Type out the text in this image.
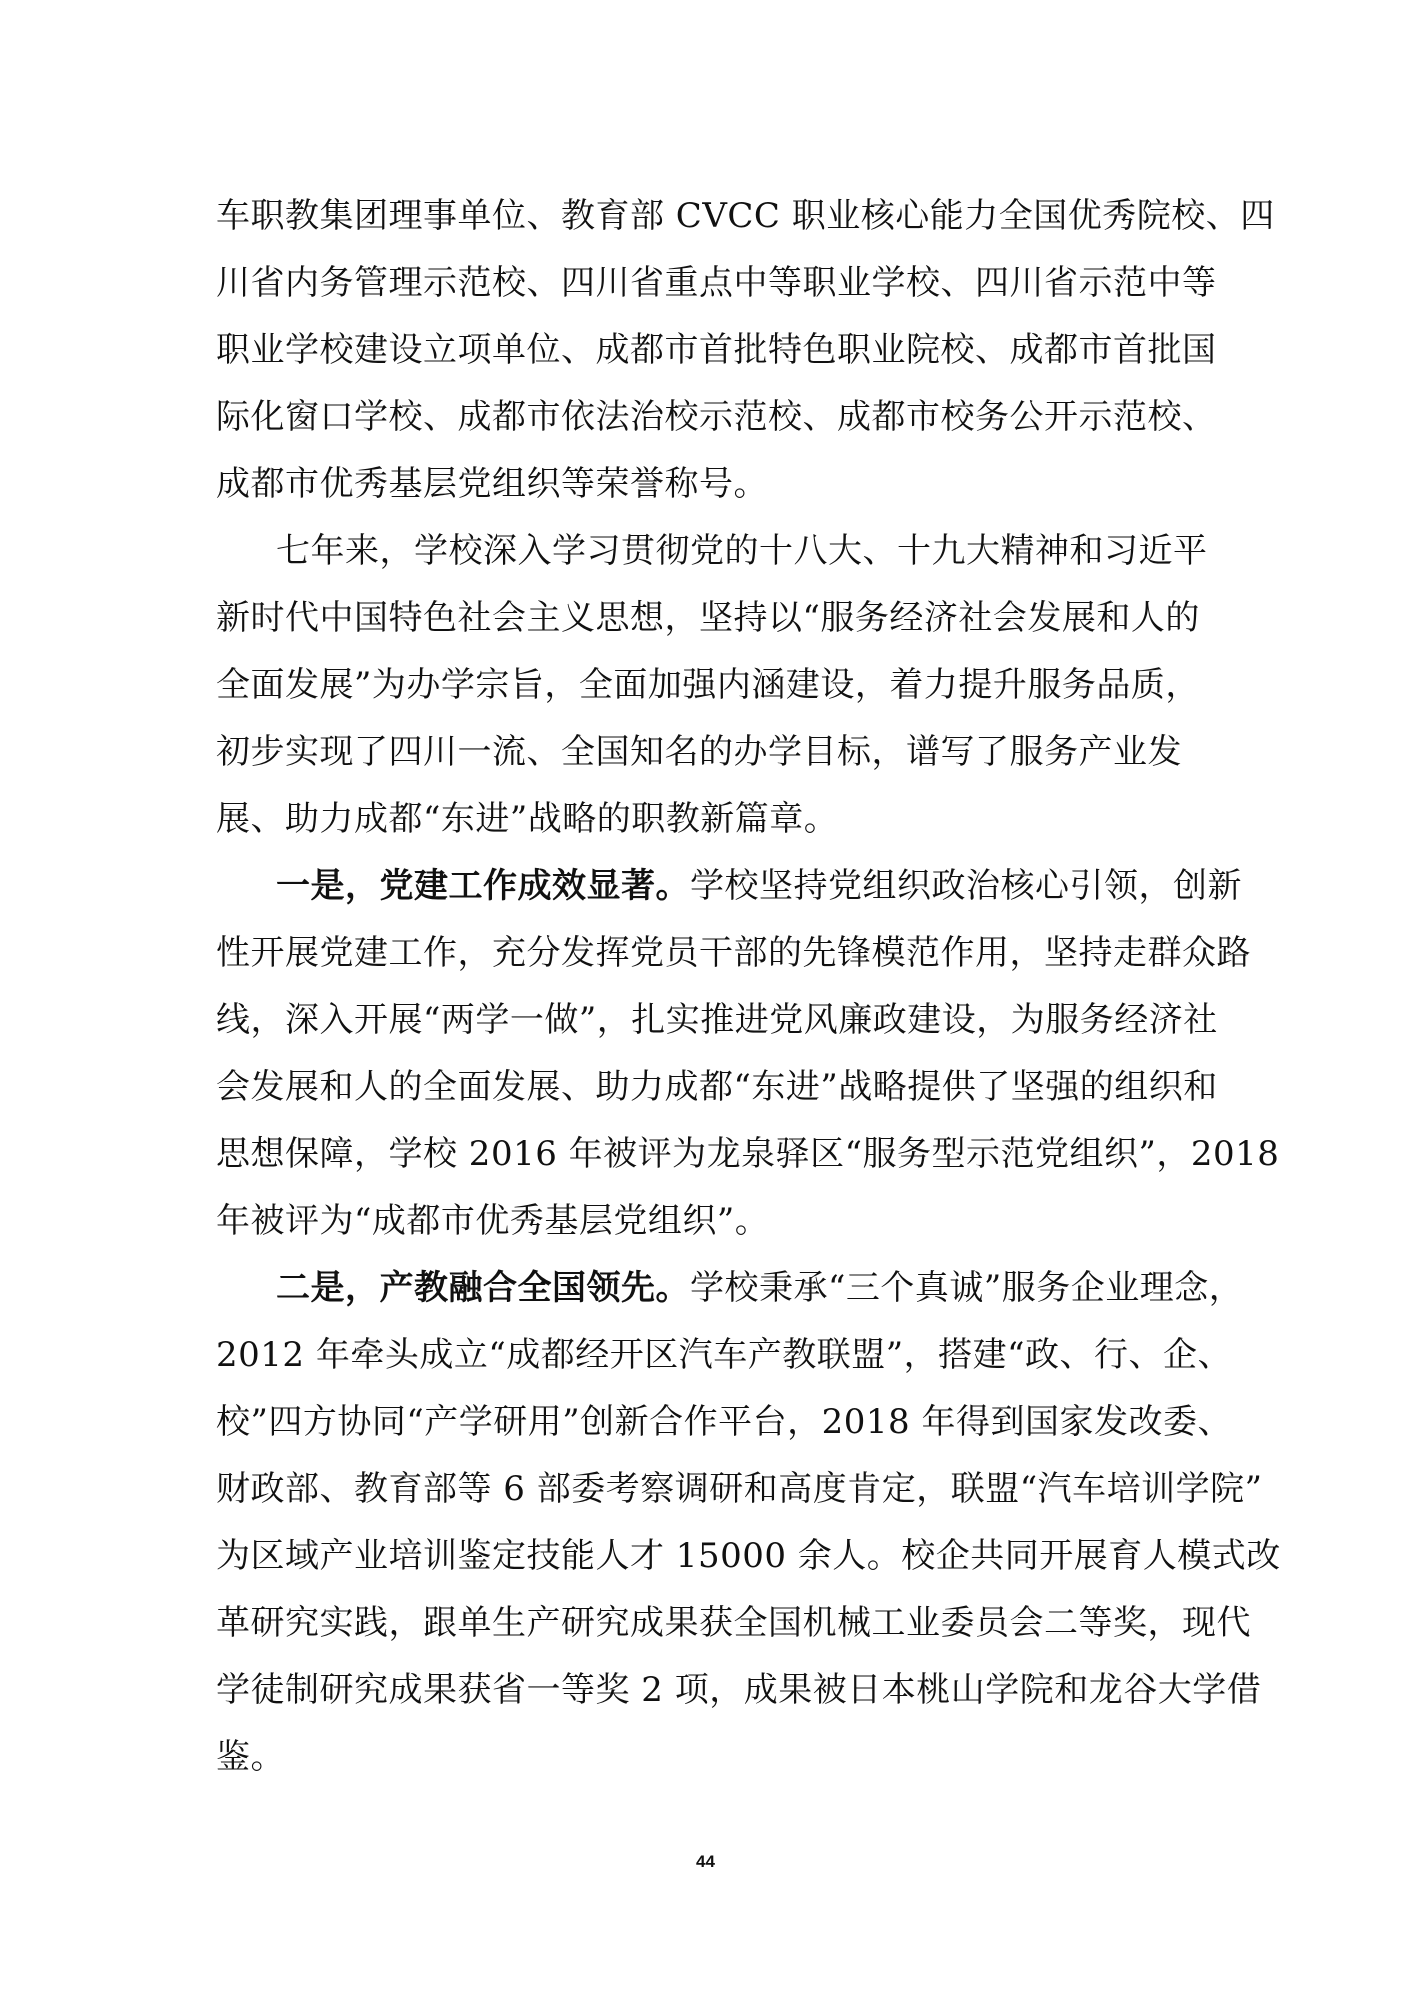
车职教集团理事单位、教育部 CVCC 职业核心能力全国优秀院校、四
川省内务管理示范校、四川省重点中等职业学校、四川省示范中等
职业学校建设立项单位、成都市首批特色职业院校、成都市首批国
际化窗口学校、成都市依法治校示范校、成都市校务公开示范校、
成都市优秀基层党组织等荣誉称号。
七年来，学校深入学习贯彻党的十八大、十九大精神和习近平
新时代中国特色社会主义思想，坚持以“服务经济社会发展和人的
全面发展”为办学宗旨，全面加强内涵建设，着力提升服务品质，
初步实现了四川一流、全国知名的办学目标，谱写了服务产业发
展、助力成都“东进”战略的职教新篇章。
一是，党建工作成效显著。学校坚持党组织政治核心引领，创新
性开展党建工作，充分发挥党员干部的先锋模范作用，坚持走群众路
线，深入开展“两学一做”，扎实推进党风廉政建设，为服务经济社
会发展和人的全面发展、助力成都“东进”战略提供了坚强的组织和
思想保障，学校 2016 年被评为龙泉驿区“服务型示范党组织”，2018
年被评为“成都市优秀基层党组织”。
二是，产教融合全国领先。学校秉承“三个真诚”服务企业理念，
2012 年牵头成立“成都经开区汽车产教联盟”，搭建“政、行、企、
校”四方协同“产学研用”创新合作平台，2018 年得到国家发改委、
财政部、教育部等 6 部委考察调研和高度肯定，联盟“汽车培训学院”
为区域产业培训鉴定技能人才 15000 余人。校企共同开展育人模式改
革研究实践，跟单生产研究成果获全国机械工业委员会二等奖，现代
学徒制研究成果获省一等奖 2 项，成果被日本桃山学院和龙谷大学借
鉴。
44
